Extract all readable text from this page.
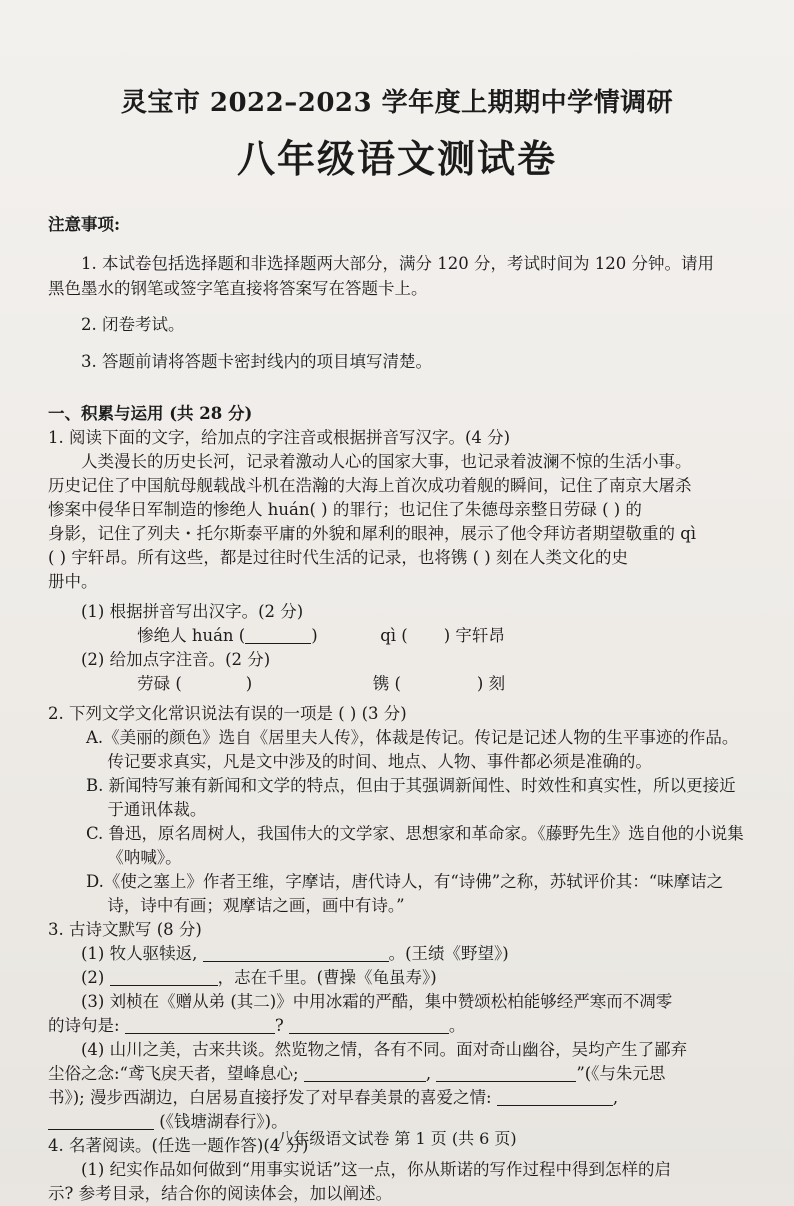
灵宝市 2022–2023 学年度上期期中学情调研
八年级语文测试卷

注意事项:

1. 本试卷包括选择题和非选择题两大部分，满分 120 分，考试时间为 120 分钟。请用

黑色墨水的钢笔或签字笔直接将答案写在答题卡上。

2. 闭卷考试。

3. 答题前请将答题卡密封线内的项目填写清楚。

一、积累与运用 (共 28 分)

1. 阅读下面的文字，给加点的字注音或根据拼音写汉字。(4 分)

人类漫长的历史长河，记录着激动人心的国家大事，也记录着波澜不惊的生活小事。

历史记住了中国航母舰载战斗机在浩瀚的大海上首次成功着舰的瞬间，记住了南京大屠杀

惨案中侵华日军制造的惨绝人 huán( ) 的罪行；也记住了朱德母亲整日劳碌 ( ) 的

身影，记住了列夫・托尔斯泰平庸的外貌和犀利的眼神，展示了他令拜访者期望敬重的 qì

( ) 宇轩昂。所有这些，都是过往时代生活的记录，也将镌 ( ) 刻在人类文化的史

册中。

(1) 根据拼音写出汉字。(2 分)

惨绝人 huán (	)	qì ( ) 宇轩昂

(2) 给加点字注音。(2 分)

劳碌 (	)	镌 (	) 刻

2. 下列文学文化常识说法有误的一项是 ( ) (3 分)

A.《美丽的颜色》选自《居里夫人传》，体裁是传记。传记是记述人物的生平事迹的作品。传记要求真实，凡是文中涉及的时间、地点、人物、事件都必须是准确的。

B. 新闻特写兼有新闻和文学的特点，但由于其强调新闻性、时效性和真实性，所以更接近于通讯体裁。

C. 鲁迅，原名周树人，我国伟大的文学家、思想家和革命家。《藤野先生》选自他的小说集《呐喊》。

D.《使之塞上》作者王维，字摩诘，唐代诗人，有“诗佛”之称，苏轼评价其：“味摩诘之诗，诗中有画；观摩诘之画，画中有诗。”

3. 古诗文默写 (8 分)

(1) 牧人驱犊返,	。(王绩《野望》)

(2)	，志在千里。(曹操《龟虽寿》)

(3) 刘桢在《赠从弟 (其二)》中用冰霜的严酷，集中赞颂松柏能够经严寒而不凋零

的诗句是:	?	。

(4) 山川之美，古来共谈。然览物之情，各有不同。面对奇山幽谷，吴均产生了鄙弃

尘俗之念:“鸢飞戾天者，望峰息心;	,	”(《与朱元思

书》); 漫步西湖边，白居易直接抒发了对早春美景的喜爱之情:	,

(《钱塘湖春行》)。

4. 名著阅读。(任选一题作答)(4 分)

(1) 纪实作品如何做到“用事实说话”这一点，你从斯诺的写作过程中得到怎样的启

示? 参考目录，结合你的阅读体会，加以阐述。

八年级语文试卷 第 1 页 (共 6 页)
